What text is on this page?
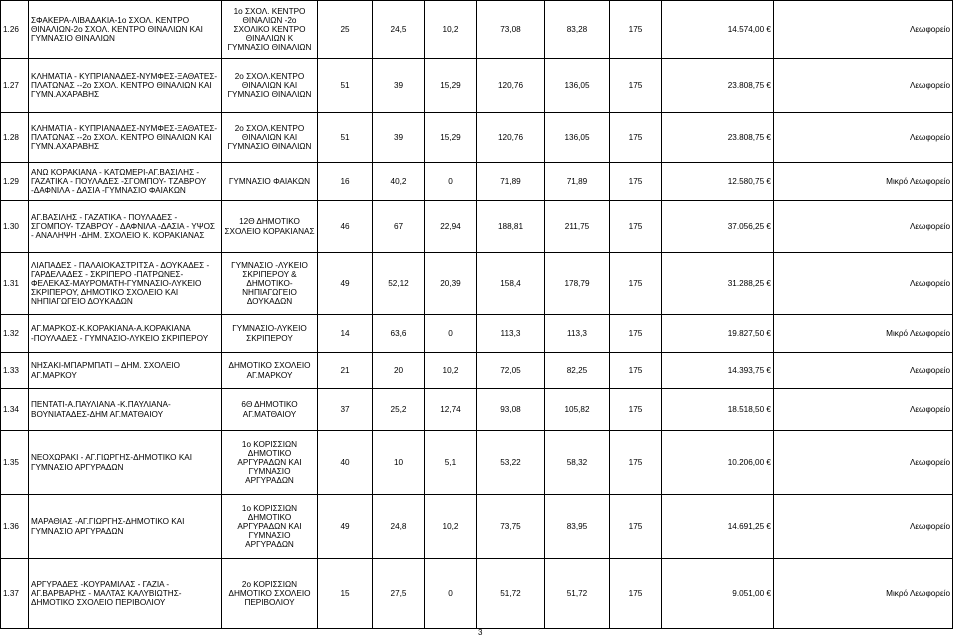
1.26	ΣΦΑΚΕΡΑ-ΛΙΒΑΔΑΚΙΑ-1ο ΣΧΟΛ. ΚΕΝΤΡΟ ΘΙΝΑΛΙΩΝ-2ο ΣΧΟΛ. ΚΕΝΤΡΟ ΘΙΝΑΛΙΩΝ ΚΑΙ ΓΥΜΝΑΣΙΟ ΘΙΝΑΛΙΩΝ	1ο ΣΧΟΛ. ΚΕΝΤΡΟ ΘΙΝΑΛΙΩΝ -2ο ΣΧΟΛΙΚΟ ΚΕΝΤΡΟ ΘΙΝΑΛΙΩΝ Κ ΓΥΜΝΑΣΙΟ ΘΙΝΑΛΙΩΝ	25	24,5	10,2	73,08	83,28	175	14.574,00 €	Λεωφορείο
1.27	ΚΛΗΜΑΤΙΑ - ΚΥΠΡΙΑΝΑΔΕΣ-ΝΥΜΦΕΣ-ΞΑΘΑΤΕΣ-ΠΛΑΤΩΝΑΣ --2ο ΣΧΟΛ. ΚΕΝΤΡΟ ΘΙΝΑΛΙΩΝ ΚΑΙ ΓΥΜΝ.ΑΧΑΡΑΒΗΣ	2ο ΣΧΟΛ.ΚΕΝΤΡΟ ΘΙΝΑΛΙΩΝ ΚΑΙ ΓΥΜΝΑΣΙΟ ΘΙΝΑΛΙΩΝ	51	39	15,29	120,76	136,05	175	23.808,75 €	Λεωφορείο
1.28	ΚΛΗΜΑΤΙΑ - ΚΥΠΡΙΑΝΑΔΕΣ-ΝΥΜΦΕΣ-ΞΑΘΑΤΕΣ-ΠΛΑΤΩΝΑΣ --2ο ΣΧΟΛ. ΚΕΝΤΡΟ ΘΙΝΑΛΙΩΝ ΚΑΙ ΓΥΜΝ.ΑΧΑΡΑΒΗΣ	2ο ΣΧΟΛ.ΚΕΝΤΡΟ ΘΙΝΑΛΙΩΝ ΚΑΙ ΓΥΜΝΑΣΙΟ ΘΙΝΑΛΙΩΝ	51	39	15,29	120,76	136,05	175	23.808,75 €	Λεωφορείο
1.29	ΑΝΩ ΚΟΡΑΚΙΑΝΑ - ΚΑΤΩΜΕΡΙ-ΑΓ.ΒΑΣΙΛΗΣ - ΓΑΖΑΤΙΚΑ - ΠΟΥΛΑΔΕΣ -ΣΓΟΜΠΟΥ- ΤΖΑΒΡΟΥ -ΔΑΦΝΙΛΑ - ΔΑΣΙΑ -ΓΥΜΝΑΣΙΟ ΦΑΙΑΚΩΝ	ΓΥΜΝΑΣΙΟ ΦΑΙΑΚΩΝ	16	40,2	0	71,89	71,89	175	12.580,75 €	Μικρό Λεωφορείο
1.30	ΑΓ.ΒΑΣΙΛΗΣ - ΓΑΖΑΤΙΚΑ - ΠΟΥΛΑΔΕΣ - ΣΓΟΜΠΟΥ- ΤΖΑΒΡΟΥ - ΔΑΦΝΙΛΑ -ΔΑΣΙΑ - ΥΨΟΣ - ΑΝΑΛΗΨΗ -ΔΗΜ. ΣΧΟΛΕΙΟ Κ. ΚΟΡΑΚΙΑΝΑΣ	12Θ ΔΗΜΟΤΙΚΟ ΣΧΟΛΕΙΟ ΚΟΡΑΚΙΑΝΑΣ	46	67	22,94	188,81	211,75	175	37.056,25 €	Λεωφορείο
1.31	ΛΙΑΠΑΔΕΣ - ΠΑΛΑΙΟΚΑΣΤΡΙΤΣΑ - ΔΟΥΚΑΔΕΣ - ΓΑΡΔΕΛΑΔΕΣ - ΣΚΡΙΠΕΡΟ -ΠΑΤΡΩΝΕΣ-ΦΕΛΕΚΑΣ-ΜΑΥΡΟΜΑΤΗ-ΓΥΜΝΑΣΙΟ-ΛΥΚΕΙΟ ΣΚΡΙΠΕΡΟΥ, ΔΗΜΟΤΙΚΟ ΣΧΟΛΕΙΟ ΚΑΙ ΝΗΠΙΑΓΩΓΕΙΟ ΔΟΥΚΑΔΩΝ	ΓΥΜΝΑΣΙΟ -ΛΥΚΕΙΟ ΣΚΡΙΠΕΡΟΥ & ΔΗΜΟΤΙΚΟ-ΝΗΠΙΑΓΩΓΕΙΟ ΔΟΥΚΑΔΩΝ	49	52,12	20,39	158,4	178,79	175	31.288,25 €	Λεωφορείο
1.32	ΑΓ.ΜΑΡΚΟΣ-Κ.ΚΟΡΑΚΙΑΝΑ-Α.ΚΟΡΑΚΙΑΝΑ -ΠΟΥΛΑΔΕΣ - ΓΥΜΝΑΣΙΟ-ΛΥΚΕΙΟ ΣΚΡΙΠΕΡΟΥ	ΓΥΜΝΑΣΙΟ-ΛΥΚΕΙΟ ΣΚΡΙΠΕΡΟΥ	14	63,6	0	113,3	113,3	175	19.827,50 €	Μικρό Λεωφορείο
1.33	ΝΗΣΑΚΙ-ΜΠΑΡΜΠΑΤΙ – ΔΗΜ. ΣΧΟΛΕΙΟ ΑΓ.ΜΑΡΚΟΥ	ΔΗΜΟΤΙΚΟ ΣΧΟΛΕΙΟ ΑΓ.ΜΑΡΚΟΥ	21	20	10,2	72,05	82,25	175	14.393,75 €	Λεωφορείο
1.34	ΠΕΝΤΑΤΙ-Α.ΠΑΥΛΙΑΝΑ -Κ.ΠΑΥΛΙΑΝΑ-ΒΟΥΝΙΑΤΑΔΕΣ-ΔΗΜ ΑΓ.ΜΑΤΘΑΙΟΥ	6Θ ΔΗΜΟΤΙΚΟ ΑΓ.ΜΑΤΘΑΙΟΥ	37	25,2	12,74	93,08	105,82	175	18.518,50 €	Λεωφορείο
1.35	ΝΕΟΧΩΡΑΚΙ - ΑΓ.ΓΙΩΡΓΗΣ-ΔΗΜΟΤΙΚΟ ΚΑΙ ΓΥΜΝΑΣΙΟ ΑΡΓΥΡΑΔΩΝ	1ο ΚΟΡΙΣΣΙΩΝ ΔΗΜΟΤΙΚΟ ΑΡΓΥΡΑΔΩΝ ΚΑΙ ΓΥΜΝΑΣΙΟ ΑΡΓΥΡΑΔΩΝ	40	10	5,1	53,22	58,32	175	10.206,00 €	Λεωφορείο
1.36	ΜΑΡΑΘΙΑΣ -ΑΓ.ΓΙΩΡΓΗΣ-ΔΗΜΟΤΙΚΟ ΚΑΙ ΓΥΜΝΑΣΙΟ ΑΡΓΥΡΑΔΩΝ	1ο ΚΟΡΙΣΣΙΩΝ ΔΗΜΟΤΙΚΟ ΑΡΓΥΡΑΔΩΝ ΚΑΙ ΓΥΜΝΑΣΙΟ ΑΡΓΥΡΑΔΩΝ	49	24,8	10,2	73,75	83,95	175	14.691,25 €	Λεωφορείο
1.37	ΑΡΓΥΡΑΔΕΣ -ΚΟΥΡΑΜΙΛΑΣ - ΓΑΖΙΑ - ΑΓ.ΒΑΡΒΑΡΗΣ - ΜΑΛΤΑΣ ΚΑΛΥΒΙΩΤΗΣ-ΔΗΜΟΤΙΚΟ ΣΧΟΛΕΙΟ ΠΕΡΙΒΟΛΙΟΥ	2ο ΚΟΡΙΣΣΙΩΝ ΔΗΜΟΤΙΚΟ ΣΧΟΛΕΙΟ ΠΕΡΙΒΟΛΙΟΥ	15	27,5	0	51,72	51,72	175	9.051,00 €	Μικρό Λεωφορείο
3
